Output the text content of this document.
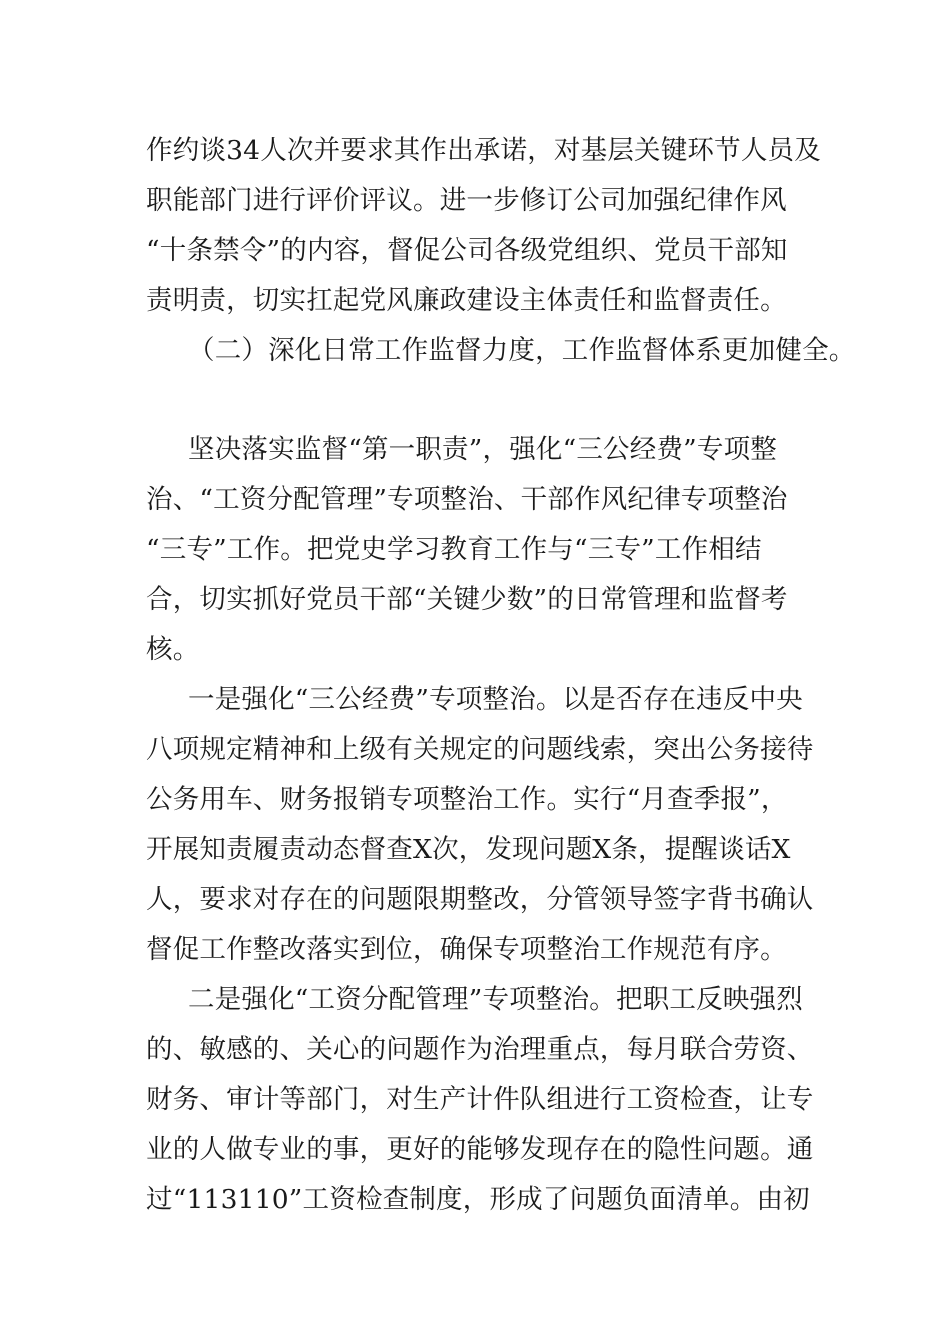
作约谈34人次并要求其作出承诺，对基层关键环节人员及
职能部门进行评价评议。进一步修订公司加强纪律作风
“十条禁令”的内容，督促公司各级党组织、党员干部知
责明责，切实扛起党风廉政建设主体责任和监督责任。
（二）深化日常工作监督力度，工作监督体系更加健全。
坚决落实监督“第一职责”，强化“三公经费”专项整
治、“工资分配管理”专项整治、干部作风纪律专项整治
“三专”工作。把党史学习教育工作与“三专”工作相结
合，切实抓好党员干部“关键少数”的日常管理和监督考
核。
一是强化“三公经费”专项整治。以是否存在违反中央
八项规定精神和上级有关规定的问题线索，突出公务接待
公务用车、财务报销专项整治工作。实行“月查季报”，
开展知责履责动态督查X次，发现问题X条，提醒谈话X
人，要求对存在的问题限期整改，分管领导签字背书确认
督促工作整改落实到位，确保专项整治工作规范有序。
二是强化“工资分配管理”专项整治。把职工反映强烈
的、敏感的、关心的问题作为治理重点，每月联合劳资、
财务、审计等部门，对生产计件队组进行工资检查，让专
业的人做专业的事，更好的能够发现存在的隐性问题。通
过“113110”工资检查制度，形成了问题负面清单。由初
